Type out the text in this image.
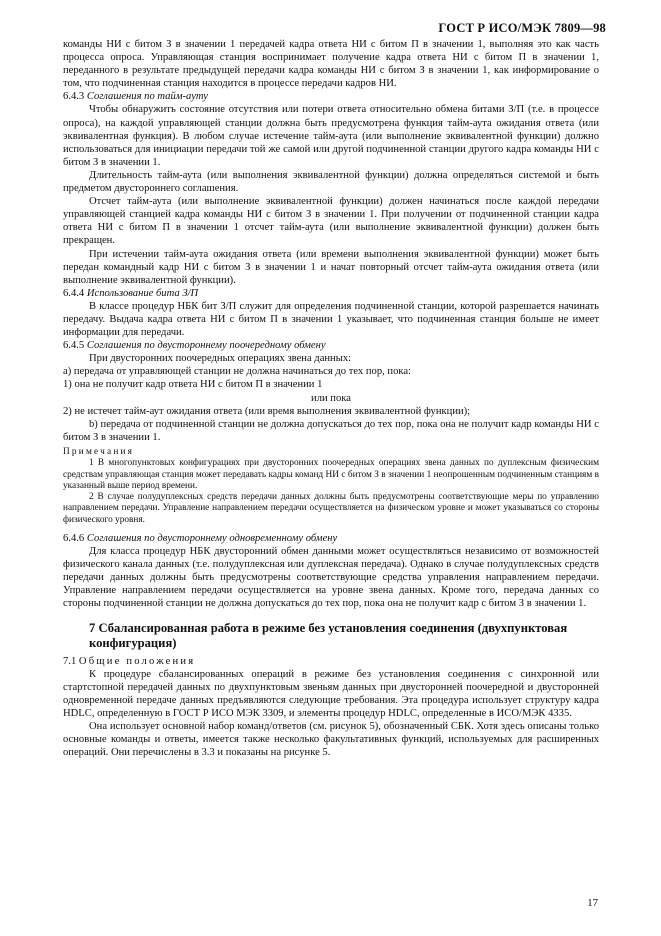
ГОСТ Р ИСО/МЭК 7809—98

команды НИ с битом З в значении 1 передачей кадра ответа НИ с битом П в значении 1, выполняя это как часть процесса опроса. Управляющая станция воспринимает получение кадра ответа НИ с битом П в значении 1, переданного в результате предыдущей передачи кадра команды НИ с битом З в значении 1, как информирование о том, что подчиненная станция находится в процессе передачи кадров НИ.

6.4.3 Соглашения по тайм-ауту

Чтобы обнаружить состояние отсутствия или потери ответа относительно обмена битами З/П (т.е. в процессе опроса), на каждой управляющей станции должна быть предусмотрена функция тайм-аута ожидания ответа (или эквивалентная функция). В любом случае истечение тайм-аута (или выполнение эквивалентной функции) должно использоваться для инициации передачи той же самой или другой подчиненной станции другого кадра команды НИ с битом З в значении 1.

Длительность тайм-аута (или выполнения эквивалентной функции) должна определяться системой и быть предметом двустороннего соглашения.

Отсчет тайм-аута (или выполнение эквивалентной функции) должен начинаться после каждой передачи управляющей станцией кадра команды НИ с битом З в значении 1. При получении от подчиненной станции кадра ответа НИ с битом П в значении 1 отсчет тайм-аута (или выполнение эквивалентной функции) должен быть прекращен.

При истечении тайм-аута ожидания ответа (или времени выполнения эквивалентной функции) может быть передан командный кадр НИ с битом З в значении 1 и начат повторный отсчет тайм-аута ожидания ответа (или выполнение эквивалентной функции).

6.4.4 Использование бита З/П

В классе процедур НБК бит З/П служит для определения подчиненной станции, которой разрешается начинать передачу. Выдача кадра ответа НИ с битом П в значении 1 указывает, что подчиненная станция больше не имеет информации для передачи.

6.4.5 Соглашения по двустороннему поочередному обмену

При двусторонних поочередных операциях звена данных:

а) передача от управляющей станции не должна начинаться до тех пор, пока:

1) она не получит кадр ответа НИ с битом П в значении 1

или пока

2) не истечет тайм-аут ожидания ответа (или время выполнения эквивалентной функции);

b) передача от подчиненной станции не должна допускаться до тех пор, пока она не получит кадр команды НИ с битом З в значении 1.

Примечания

1 В многопунктовых конфигурациях при двусторонних поочередных операциях звена данных по дуплексным физическим средствам управляющая станция может передавать кадры команд НИ с битом З в значении 1 неопрошенным подчиненным станциям в указанный выше период времени.

2 В случае полудуплексных средств передачи данных должны быть предусмотрены соответствующие меры по управлению направлением передачи. Управление направлением передачи осуществляется на физическом уровне и может указываться со стороны физического уровня.

6.4.6 Соглашения по двустороннему одновременному обмену

Для класса процедур НБК двусторонний обмен данными может осуществляться независимо от возможностей физического канала данных (т.е. полудуплексная или дуплексная передача). Однако в случае полудуплексных средств передачи данных должны быть предусмотрены соответствующие средства управления направлением передачи. Управление направлением передачи осуществляется на уровне звена данных. Кроме того, передача данных со стороны подчиненной станции не должна допускаться до тех пор, пока она не получит кадр с битом З в значении 1.

7 Сбалансированная работа в режиме без установления соединения (двухпунктовая конфигурация)

7.1 Общие положения

К процедуре сбалансированных операций в режиме без установления соединения с синхронной или стартстопной передачей данных по двухпунктовым звеньям данных при двусторонней поочередной и двусторонней одновременной передаче данных предъявляются следующие требования. Эта процедура использует структуру кадра HDLC, определенную в ГОСТ Р ИСО МЭК 3309, и элементы процедур HDLC, определенные в ИСО/МЭК 4335.

Она использует основной набор команд/ответов (см. рисунок 5), обозначенный СБК. Хотя здесь описаны только основные команды и ответы, имеется также несколько факультативных функций, используемых для расширенных операций. Они перечислены в 3.3 и показаны на рисунке 5.

17
